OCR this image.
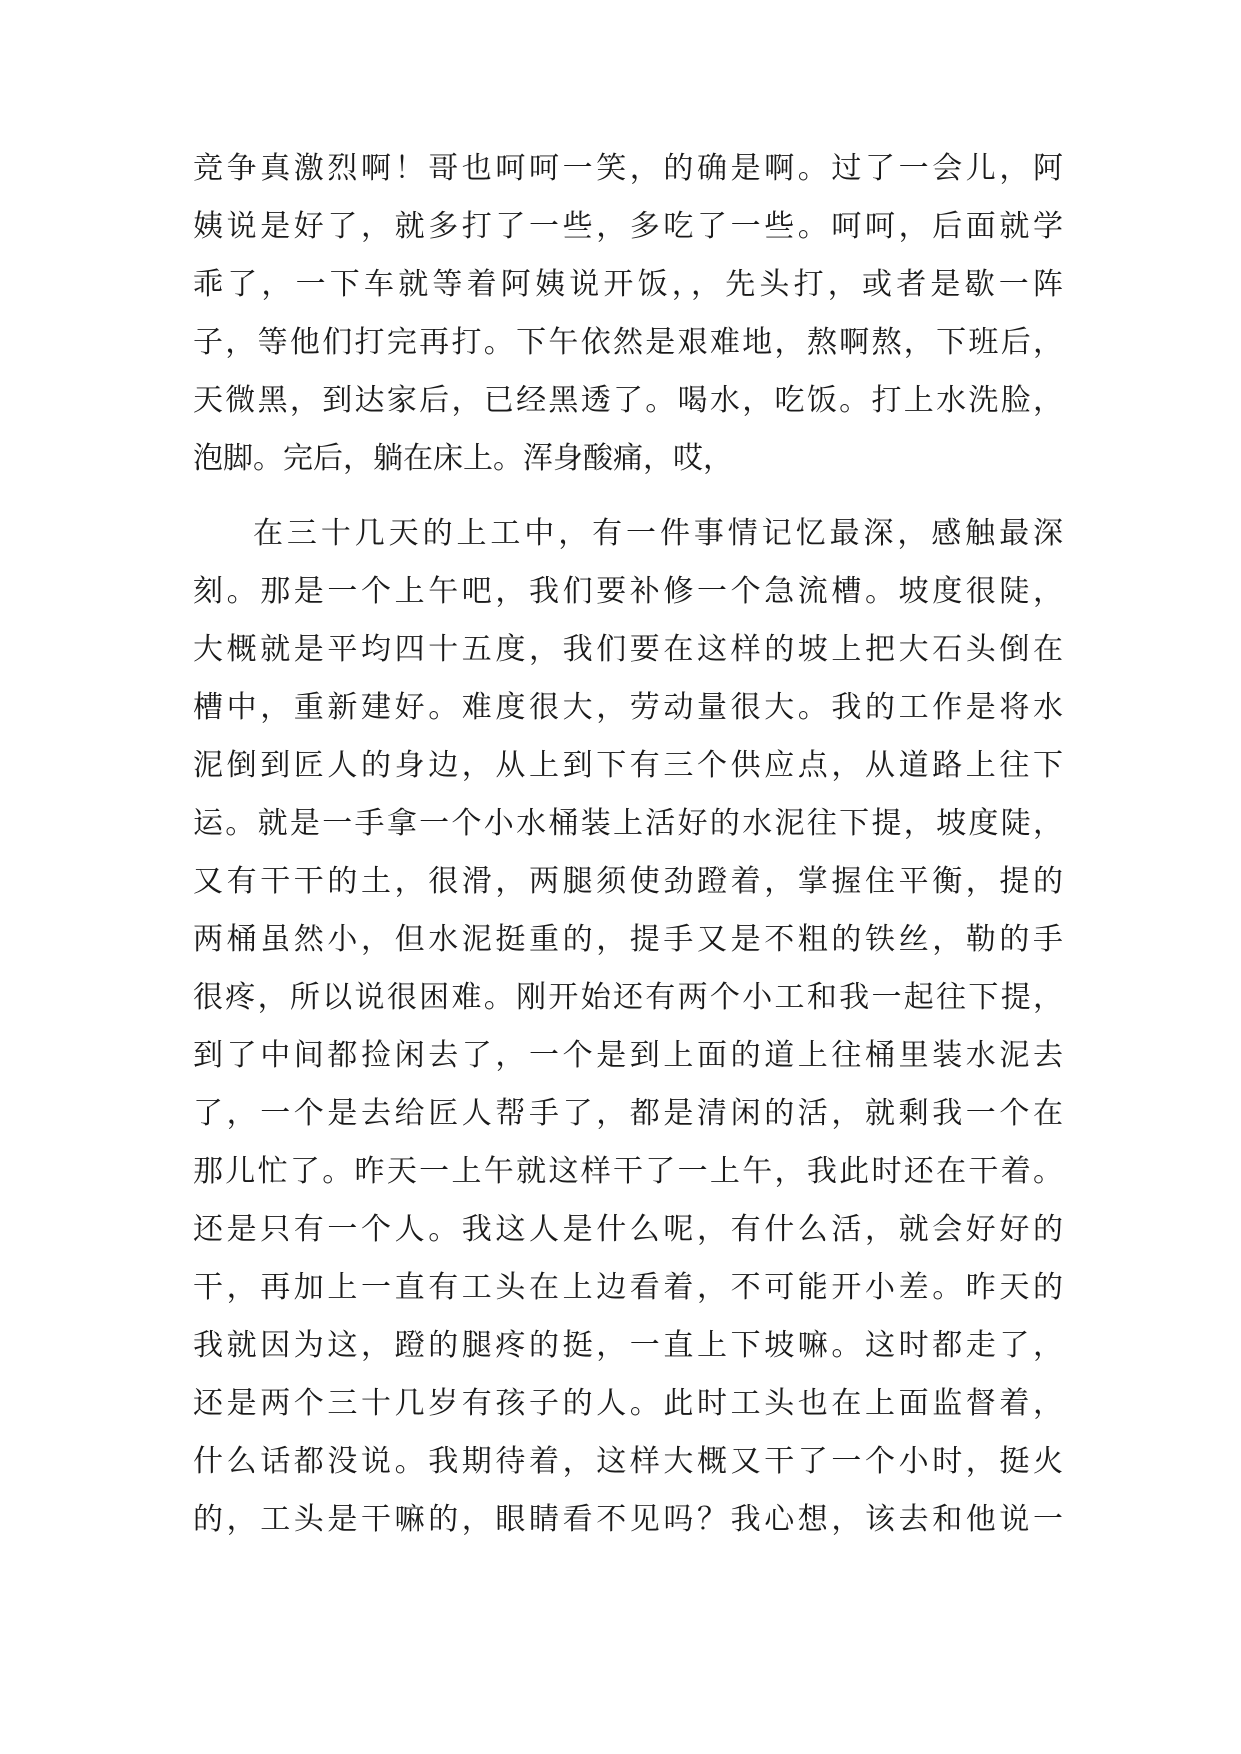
竞争真激烈啊！哥也呵呵一笑，的确是啊。过了一会儿，阿
姨说是好了，就多打了一些，多吃了一些。呵呵，后面就学
乖了，一下车就等着阿姨说开饭，，先头打，或者是歇一阵
子，等他们打完再打。下午依然是艰难地，熬啊熬，下班后，
天微黑，到达家后，已经黑透了。喝水，吃饭。打上水洗脸，
泡脚。完后，躺在床上。浑身酸痛，哎，
在三十几天的上工中，有一件事情记忆最深，感触最深
刻。那是一个上午吧，我们要补修一个急流槽。坡度很陡，
大概就是平均四十五度，我们要在这样的坡上把大石头倒在
槽中，重新建好。难度很大，劳动量很大。我的工作是将水
泥倒到匠人的身边，从上到下有三个供应点，从道路上往下
运。就是一手拿一个小水桶装上活好的水泥往下提，坡度陡，
又有干干的土，很滑，两腿须使劲蹬着，掌握住平衡，提的
两桶虽然小，但水泥挺重的，提手又是不粗的铁丝，勒的手
很疼，所以说很困难。刚开始还有两个小工和我一起往下提，
到了中间都捡闲去了，一个是到上面的道上往桶里装水泥去
了，一个是去给匠人帮手了，都是清闲的活，就剩我一个在
那儿忙了。昨天一上午就这样干了一上午，我此时还在干着。
还是只有一个人。我这人是什么呢，有什么活，就会好好的
干，再加上一直有工头在上边看着，不可能开小差。昨天的
我就因为这，蹬的腿疼的挺，一直上下坡嘛。这时都走了，
还是两个三十几岁有孩子的人。此时工头也在上面监督着，
什么话都没说。我期待着，这样大概又干了一个小时，挺火
的，工头是干嘛的，眼睛看不见吗？我心想，该去和他说一
